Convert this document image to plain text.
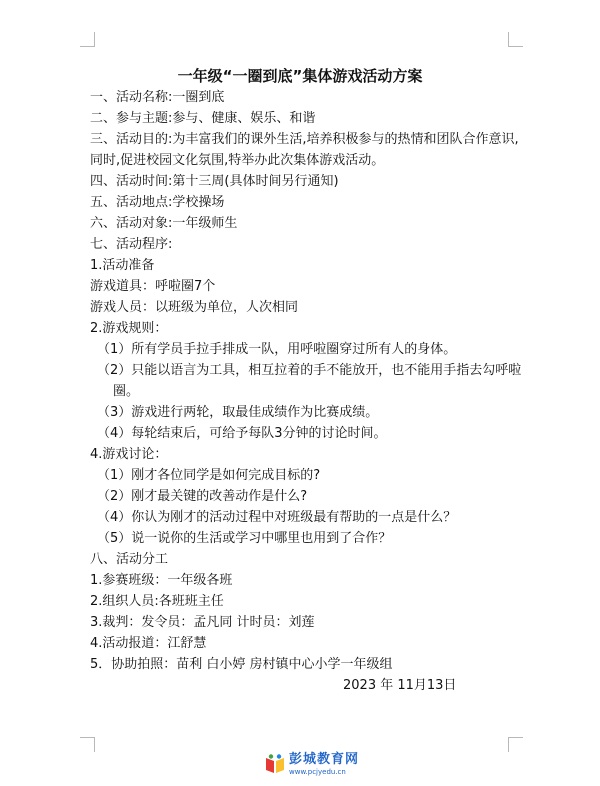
一年级“一圈到底”集体游戏活动方案
一、活动名称:一圈到底
二、参与主题:参与、健康、娱乐、和谐
三、活动目的:为丰富我们的课外生活,培养积极参与的热情和团队合作意识,
同时,促进校园文化氛围,特举办此次集体游戏活动。
四、活动时间:第十三周(具体时间另行通知)
五、活动地点:学校操场
六、活动对象:一年级师生
七、活动程序:
1.活动准备
游戏道具：呼啦圈7个
游戏人员：以班级为单位，人次相同
2.游戏规则：
（1）所有学员手拉手排成一队，用呼啦圈穿过所有人的身体。
（2）只能以语言为工具，相互拉着的手不能放开，也不能用手指去勾呼啦
圈。
（3）游戏进行两轮，取最佳成绩作为比赛成绩。
（4）每轮结束后，可给予每队3分钟的讨论时间。
4.游戏讨论：
（1）刚才各位同学是如何完成目标的?
（2）刚才最关键的改善动作是什么?
（4）你认为刚才的活动过程中对班级最有帮助的一点是什么？
（5）说一说你的生活或学习中哪里也用到了合作？
八、活动分工
1.参赛班级：一年级各班
2.组织人员:各班班主任
3.裁判：发令员：孟凡同 计时员：刘莲
4.活动报道：江舒慧
5．协助拍照：苗利 白小婷 房村镇中心小学一年级组
2023 年 11月13日
彭城教育网
www.pcjyedu.cn
